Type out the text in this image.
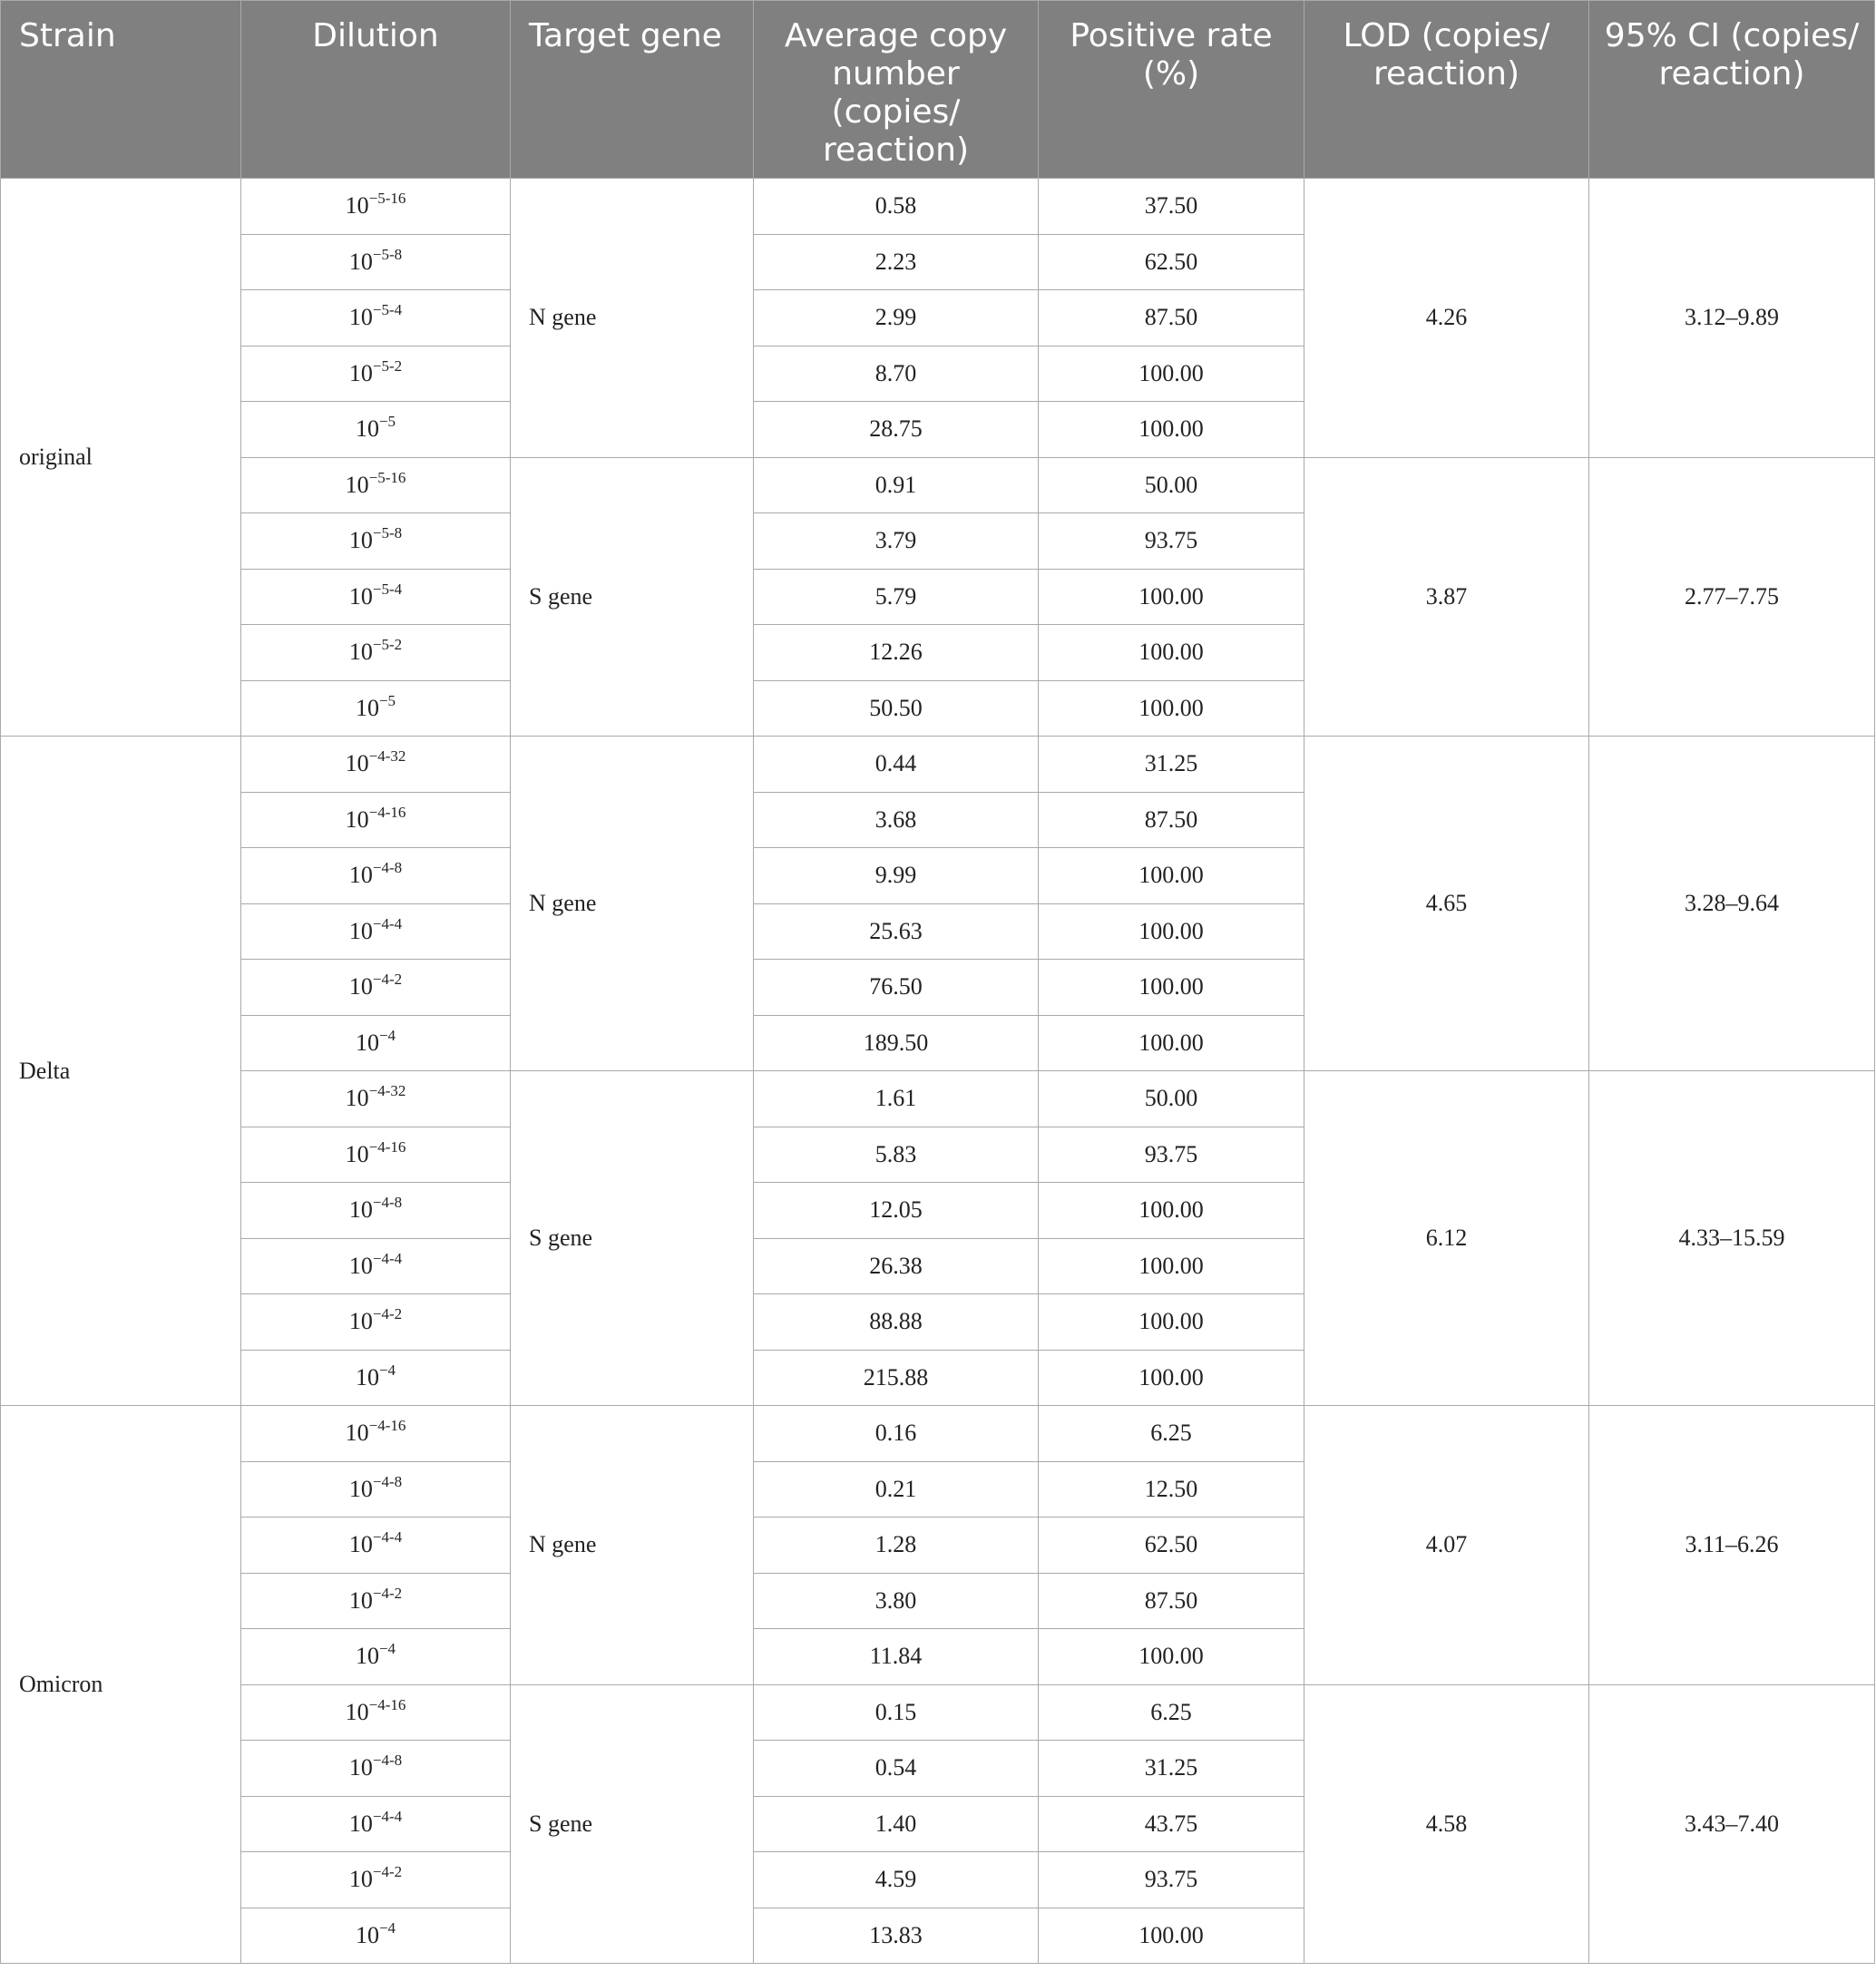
Strain	Dilution	Target gene	Average copy number (copies/ reaction)	Positive rate (%)	LOD (copies/ reaction)	95% CI (copies/ reaction)
original	$10^{-5-16}$	N gene	0.58	37.50	4.26	3.12–9.89
	$10^{-5-8}$		2.23	62.50		
	$10^{-5-4}$		2.99	87.50		
	$10^{-5-2}$		8.70	100.00		
	$10^{-5}$		28.75	100.00		
	$10^{-5-16}$	S gene	0.91	50.00	3.87	2.77–7.75
	$10^{-5-8}$		3.79	93.75		
	$10^{-5-4}$		5.79	100.00		
	$10^{-5-2}$		12.26	100.00		
	$10^{-5}$		50.50	100.00		
Delta	$10^{-4-32}$	N gene	0.44	31.25	4.65	3.28–9.64
	$10^{-4-16}$		3.68	87.50		
	$10^{-4-8}$		9.99	100.00		
	$10^{-4-4}$		25.63	100.00		
	$10^{-4-2}$		76.50	100.00		
	$10^{-4}$		189.50	100.00		
	$10^{-4-32}$	S gene	1.61	50.00	6.12	4.33–15.59
	$10^{-4-16}$		5.83	93.75		
	$10^{-4-8}$		12.05	100.00		
	$10^{-4-4}$		26.38	100.00		
	$10^{-4-2}$		88.88	100.00		
	$10^{-4}$		215.88	100.00		
Omicron	$10^{-4-16}$	N gene	0.16	6.25	4.07	3.11–6.26
	$10^{-4-8}$		0.21	12.50		
	$10^{-4-4}$		1.28	62.50		
	$10^{-4-2}$		3.80	87.50		
	$10^{-4}$		11.84	100.00		
	$10^{-4-16}$	S gene	0.15	6.25	4.58	3.43–7.40
	$10^{-4-8}$		0.54	31.25		
	$10^{-4-4}$		1.40	43.75		
	$10^{-4-2}$		4.59	93.75		
	$10^{-4}$		13.83	100.00		
